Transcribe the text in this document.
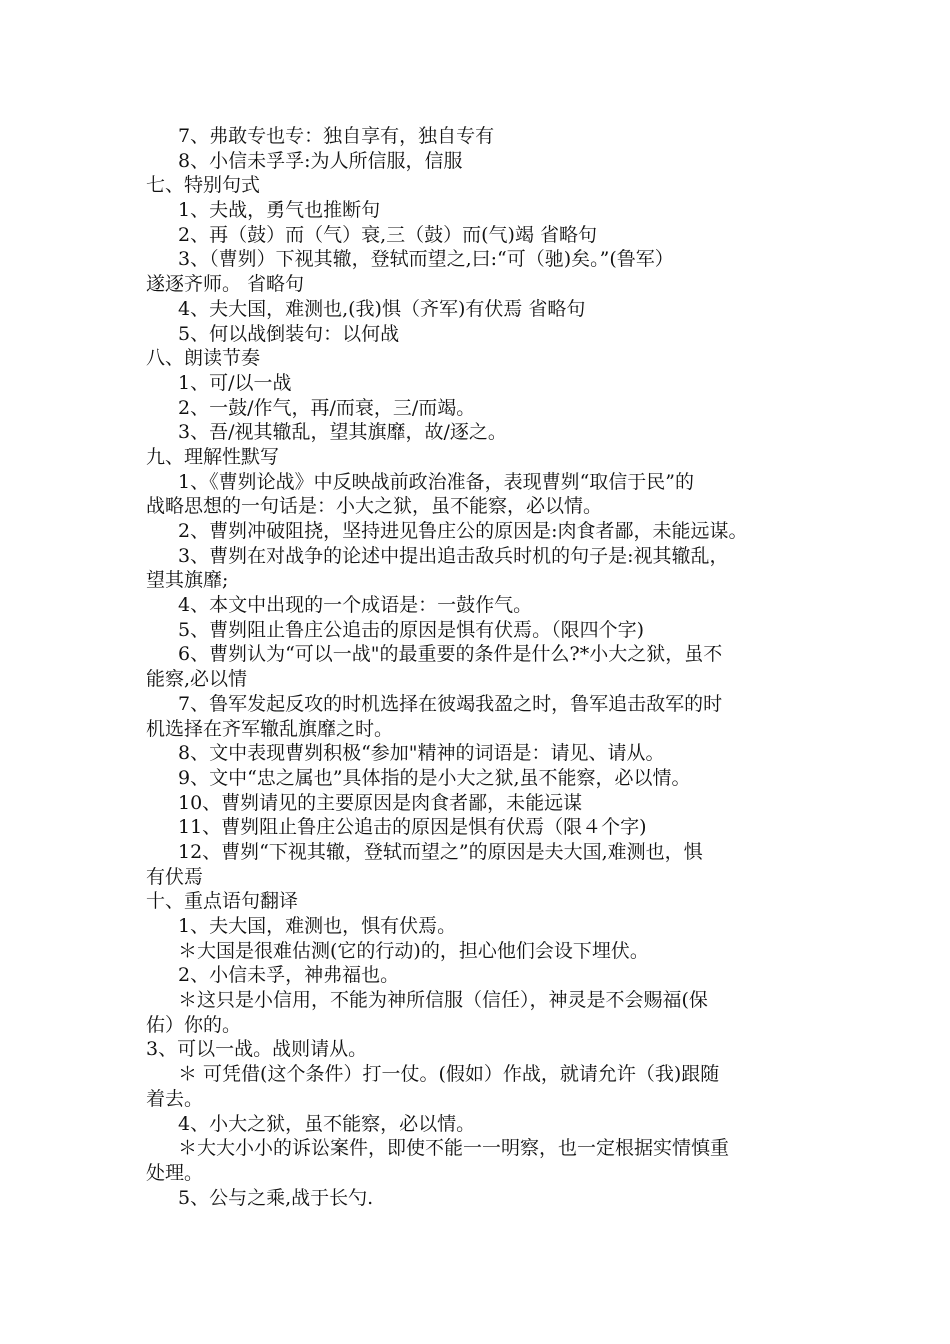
7、弗敢专也专：独自享有，独自专有
8、小信未孚孚:为人所信服，信服
七、特别句式
1、夫战，勇气也推断句
2、再（鼓）而（气）衰,三（鼓）而(气)竭 省略句
3、（曹刿）下视其辙，登轼而望之,曰:“可（驰)矣。”(鲁军）
遂逐齐师。 省略句
4、夫大国，难测也,(我)惧（齐军)有伏焉 省略句
5、何以战倒装句：以何战
八、朗读节奏
1、可/以一战
2、一鼓/作气，再/而衰，三/而竭。
3、吾/视其辙乱，望其旗靡，故/逐之。
九、理解性默写
1、《曹刿论战》中反映战前政治准备，表现曹刿“取信于民”的
战略思想的一句话是：小大之狱，虽不能察，必以情。
2、曹刿冲破阻挠，坚持进见鲁庄公的原因是:肉食者鄙，未能远谋。
3、曹刿在对战争的论述中提出追击敌兵时机的句子是:视其辙乱，
望其旗靡;
4、本文中出现的一个成语是：一鼓作气。
5、曹刿阻止鲁庄公追击的原因是惧有伏焉。（限四个字)
6、曹刿认为“可以一战"的最重要的条件是什么?*小大之狱，虽不
能察,必以情
7、鲁军发起反攻的时机选择在彼竭我盈之时，鲁军追击敌军的时
机选择在齐军辙乱旗靡之时。
8、文中表现曹刿积极“参加"精神的词语是：请见、请从。
9、文中“忠之属也”具体指的是小大之狱,虽不能察，必以情。
10、曹刿请见的主要原因是肉食者鄙，未能远谋
11、曹刿阻止鲁庄公追击的原因是惧有伏焉（限４个字)
12、曹刿“下视其辙，登轼而望之”的原因是夫大国,难测也，惧
有伏焉
十、重点语句翻译
1、夫大国，难测也，惧有伏焉。
＊大国是很难估测(它的行动)的，担心他们会设下埋伏。
2、小信未孚，神弗福也。
＊这只是小信用，不能为神所信服（信任），神灵是不会赐福(保
佑）你的。
3、可以一战。战则请从。
＊ 可凭借(这个条件）打一仗。(假如）作战，就请允许（我)跟随
着去。
4、小大之狱，虽不能察，必以情。
＊大大小小的诉讼案件，即使不能一一明察，也一定根据实情慎重
处理。
5、公与之乘,战于长勺.
